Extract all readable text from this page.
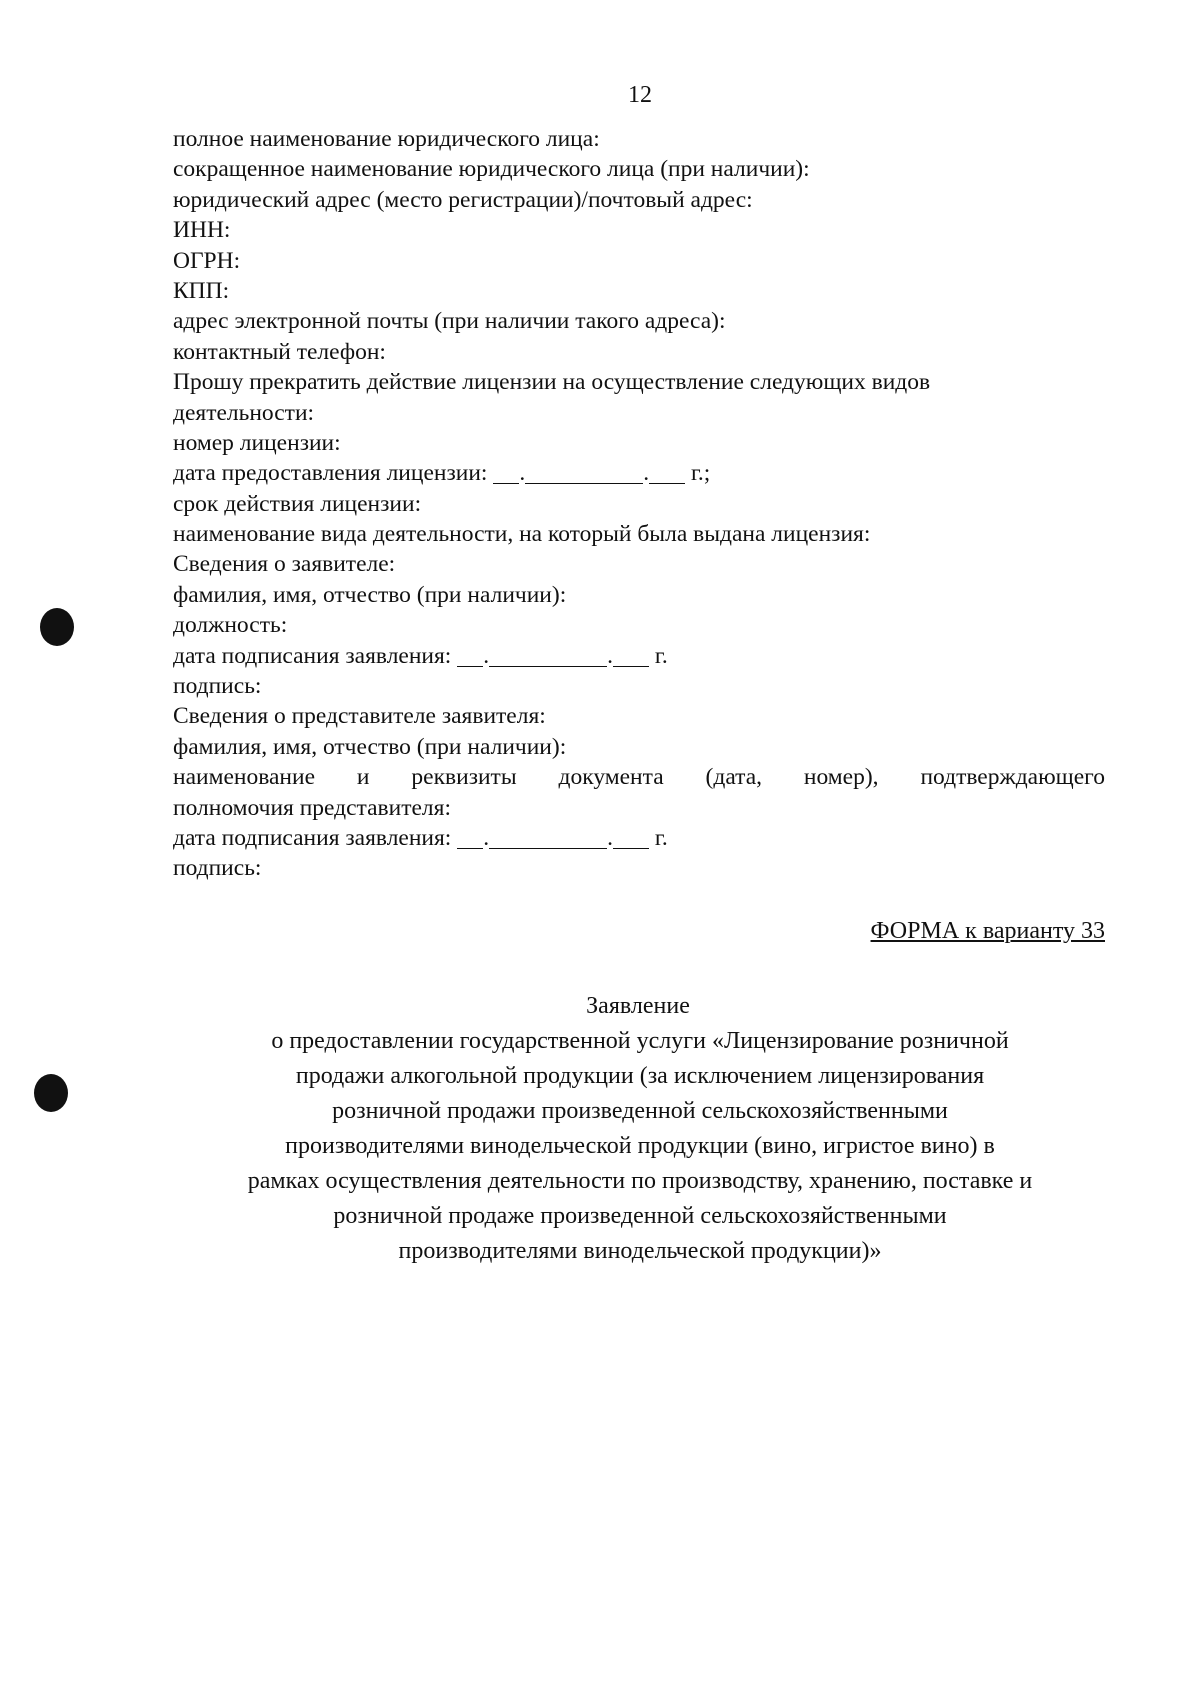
12
полное наименование юридического лица:
сокращенное наименование юридического лица (при наличии):
юридический адрес (место регистрации)/почтовый адрес:
ИНН:
ОГРН:
КПП:
адрес электронной почты (при наличии такого адреса):
контактный телефон:
Прошу прекратить действие лицензии на осуществление следующих видов
деятельности:
номер лицензии:
дата предоставления лицензии: .	. г.;
срок действия лицензии:
наименование вида деятельности, на который была выдана лицензия:
Сведения о заявителе:
фамилия, имя, отчество (при наличии):
должность:
дата подписания заявления: .	. г.
подпись:
Сведения о представителе заявителя:
фамилия, имя, отчество (при наличии):
наименование и реквизиты документа (дата, номер), подтверждающего
полномочия представителя:
дата подписания заявления: .	. г.
подпись:
ФОРМА к варианту 33
Заявление
о предоставлении государственной услуги «Лицензирование розничной
продажи алкогольной продукции (за исключением лицензирования
розничной продажи произведенной сельскохозяйственными
производителями винодельческой продукции (вино, игристое вино) в
рамках осуществления деятельности по производству, хранению, поставке и
розничной продаже произведенной сельскохозяйственными
производителями винодельческой продукции)»
